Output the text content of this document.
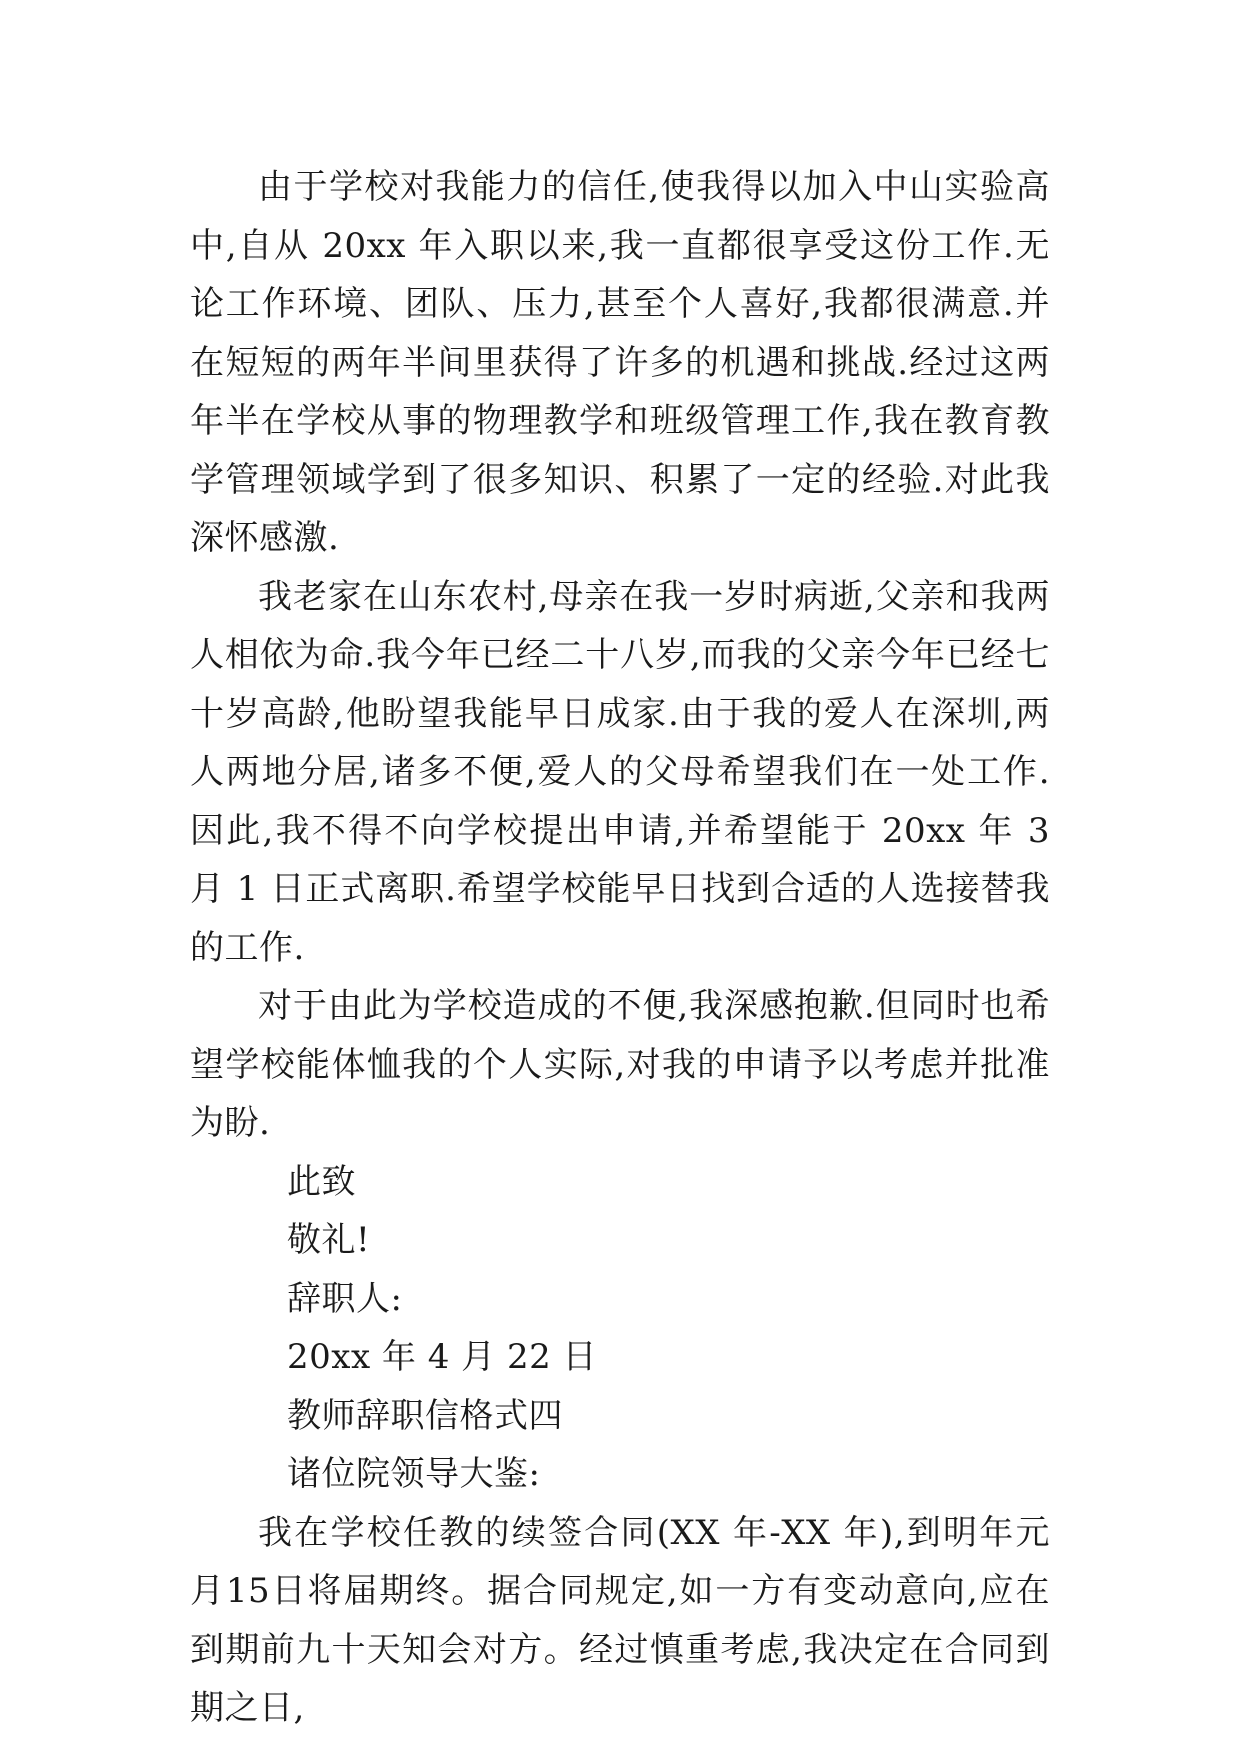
由于学校对我能力的信任,使我得以加入中山实验高中,自从 20xx 年入职以来,我一直都很享受这份工作.无论工作环境、团队、压力,甚至个人喜好,我都很满意.并在短短的两年半间里获得了许多的机遇和挑战.经过这两年半在学校从事的物理教学和班级管理工作,我在教育教学管理领域学到了很多知识、积累了一定的经验.对此我深怀感激.

我老家在山东农村,母亲在我一岁时病逝,父亲和我两人相依为命.我今年已经二十八岁,而我的父亲今年已经七十岁高龄,他盼望我能早日成家.由于我的爱人在深圳,两人两地分居,诸多不便,爱人的父母希望我们在一处工作.因此,我不得不向学校提出申请,并希望能于 20xx 年 3 月 1 日正式离职.希望学校能早日找到合适的人选接替我的工作.

对于由此为学校造成的不便,我深感抱歉.但同时也希望学校能体恤我的个人实际,对我的申请予以考虑并批准为盼.

此致

敬礼!

辞职人:

20xx 年 4 月 22 日

教师辞职信格式四

诸位院领导大鉴:

我在学校任教的续签合同(XX 年-XX 年),到明年元月15日将届期终。据合同规定,如一方有变动意向,应在到期前九十天知会对方。经过慎重考虑,我决定在合同到期之日,
